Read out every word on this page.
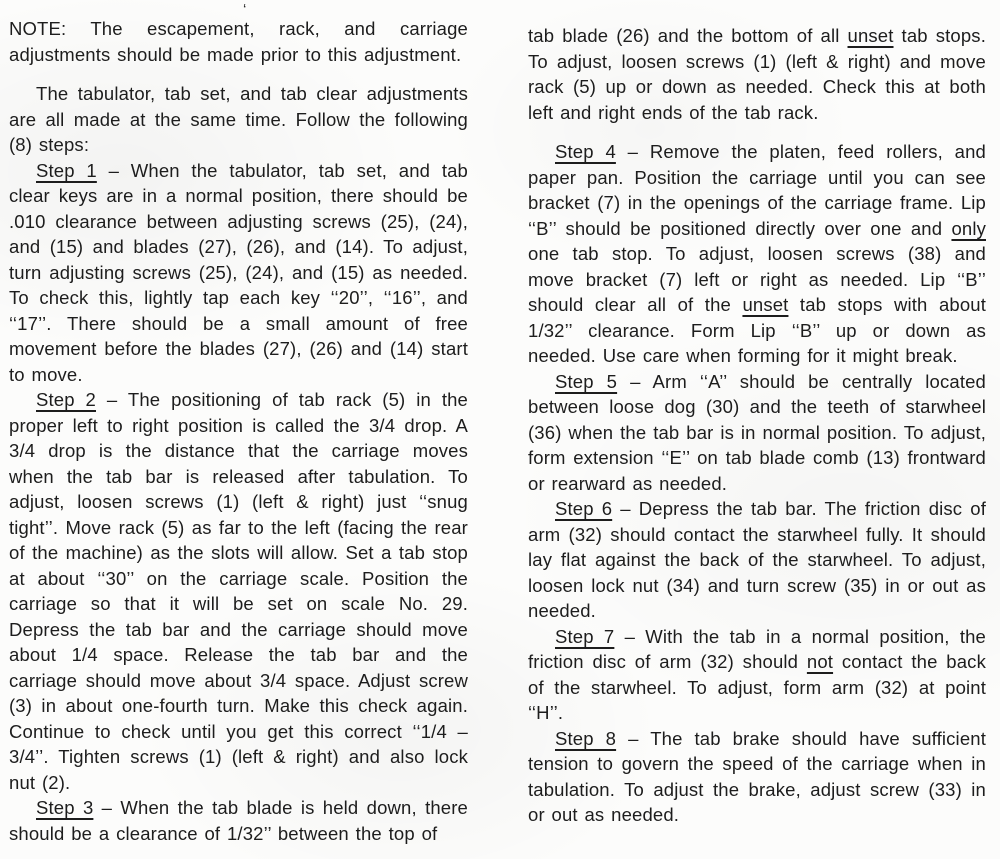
‘

NOTE: The escapement, rack, and carriage adjustments should be made prior to this adjustment.

The tabulator, tab set, and tab clear adjustments are all made at the same time. Follow the following (8) steps:

Step 1 – When the tabulator, tab set, and tab clear keys are in a normal position, there should be .010 clearance between adjusting screws (25), (24), and (15) and blades (27), (26), and (14). To adjust, turn adjusting screws (25), (24), and (15) as needed. To check this, lightly tap each key ‘‘20’’, ‘‘16’’, and ‘‘17’’. There should be a small amount of free movement before the blades (27), (26) and (14) start to move.

Step 2 – The positioning of tab rack (5) in the proper left to right position is called the 3/4 drop. A 3/4 drop is the distance that the carriage moves when the tab bar is released after tabulation. To adjust, loosen screws (1) (left & right) just ‘‘snug tight’’. Move rack (5) as far to the left (facing the rear of the machine) as the slots will allow. Set a tab stop at about ‘‘30’’ on the carriage scale. Position the carriage so that it will be set on scale No. 29. Depress the tab bar and the carriage should move about 1/4 space. Release the tab bar and the carriage should move about 3/4 space. Adjust screw (3) in about one-fourth turn. Make this check again. Continue to check until you get this correct ‘‘1/4 – 3/4’’. Tighten screws (1) (left & right) and also lock nut (2).

Step 3 – When the tab blade is held down, there should be a clearance of 1/32’’ between the top of

tab blade (26) and the bottom of all unset tab stops. To adjust, loosen screws (1) (left & right) and move rack (5) up or down as needed. Check this at both left and right ends of the tab rack.

Step 4 – Remove the platen, feed rollers, and paper pan. Position the carriage until you can see bracket (7) in the openings of the carriage frame. Lip ‘‘B’’ should be positioned directly over one and only one tab stop. To adjust, loosen screws (38) and move bracket (7) left or right as needed. Lip ‘‘B’’ should clear all of the unset tab stops with about 1/32’’ clearance. Form Lip ‘‘B’’ up or down as needed. Use care when forming for it might break.

Step 5 – Arm ‘‘A’’ should be centrally located between loose dog (30) and the teeth of starwheel (36) when the tab bar is in normal position. To adjust, form extension ‘‘E’’ on tab blade comb (13) frontward or rearward as needed.

Step 6 – Depress the tab bar. The friction disc of arm (32) should contact the starwheel fully. It should lay flat against the back of the starwheel. To adjust, loosen lock nut (34) and turn screw (35) in or out as needed.

Step 7 – With the tab in a normal position, the friction disc of arm (32) should not contact the back of the starwheel. To adjust, form arm (32) at point ‘‘H’’.

Step 8 – The tab brake should have sufficient tension to govern the speed of the carriage when in tabulation. To adjust the brake, adjust screw (33) in or out as needed.
